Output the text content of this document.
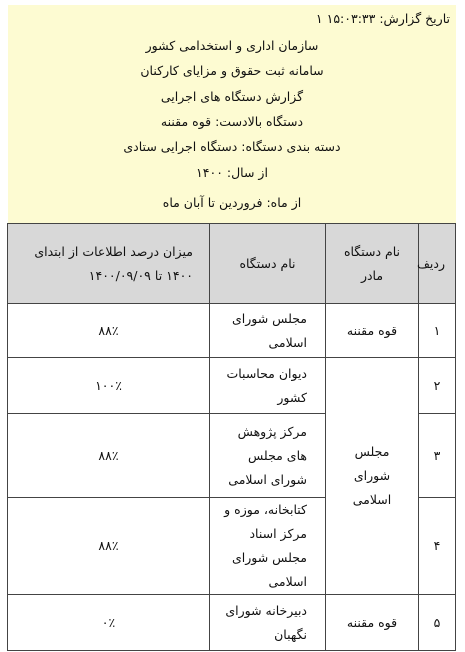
تاریخ گزارش: ۱۵:۰۳:۳۳ ۱
سازمان اداری و استخدامی کشور
سامانه ثبت حقوق و مزایای کارکنان
گزارش دستگاه های اجرایی
دستگاه بالادست: قوه مقننه
دسته بندی دستگاه: دستگاه اجرایی ستادی
از سال: ۱۴۰۰
از ماه: فروردین تا آبان ماه
ردیف	نام دستگاه مادر	نام دستگاه	میزان درصد اطلاعات از ابتدای ۱۴۰۰ تا ۱۴۰۰/۰۹/۰۹
۱	قوه مقننه	مجلس شورای اسلامی	۸۸٪
۲	مجلس شورای اسلامی	دیوان محاسبات کشور	۱۰۰٪
۳		مرکز پژوهش های مجلس شورای اسلامی	۸۸٪
۴		کتابخانه، موزه و مرکز اسناد مجلس شورای اسلامی	۸۸٪
۵	قوه مقننه	دبیرخانه شورای نگهبان	۰٪
